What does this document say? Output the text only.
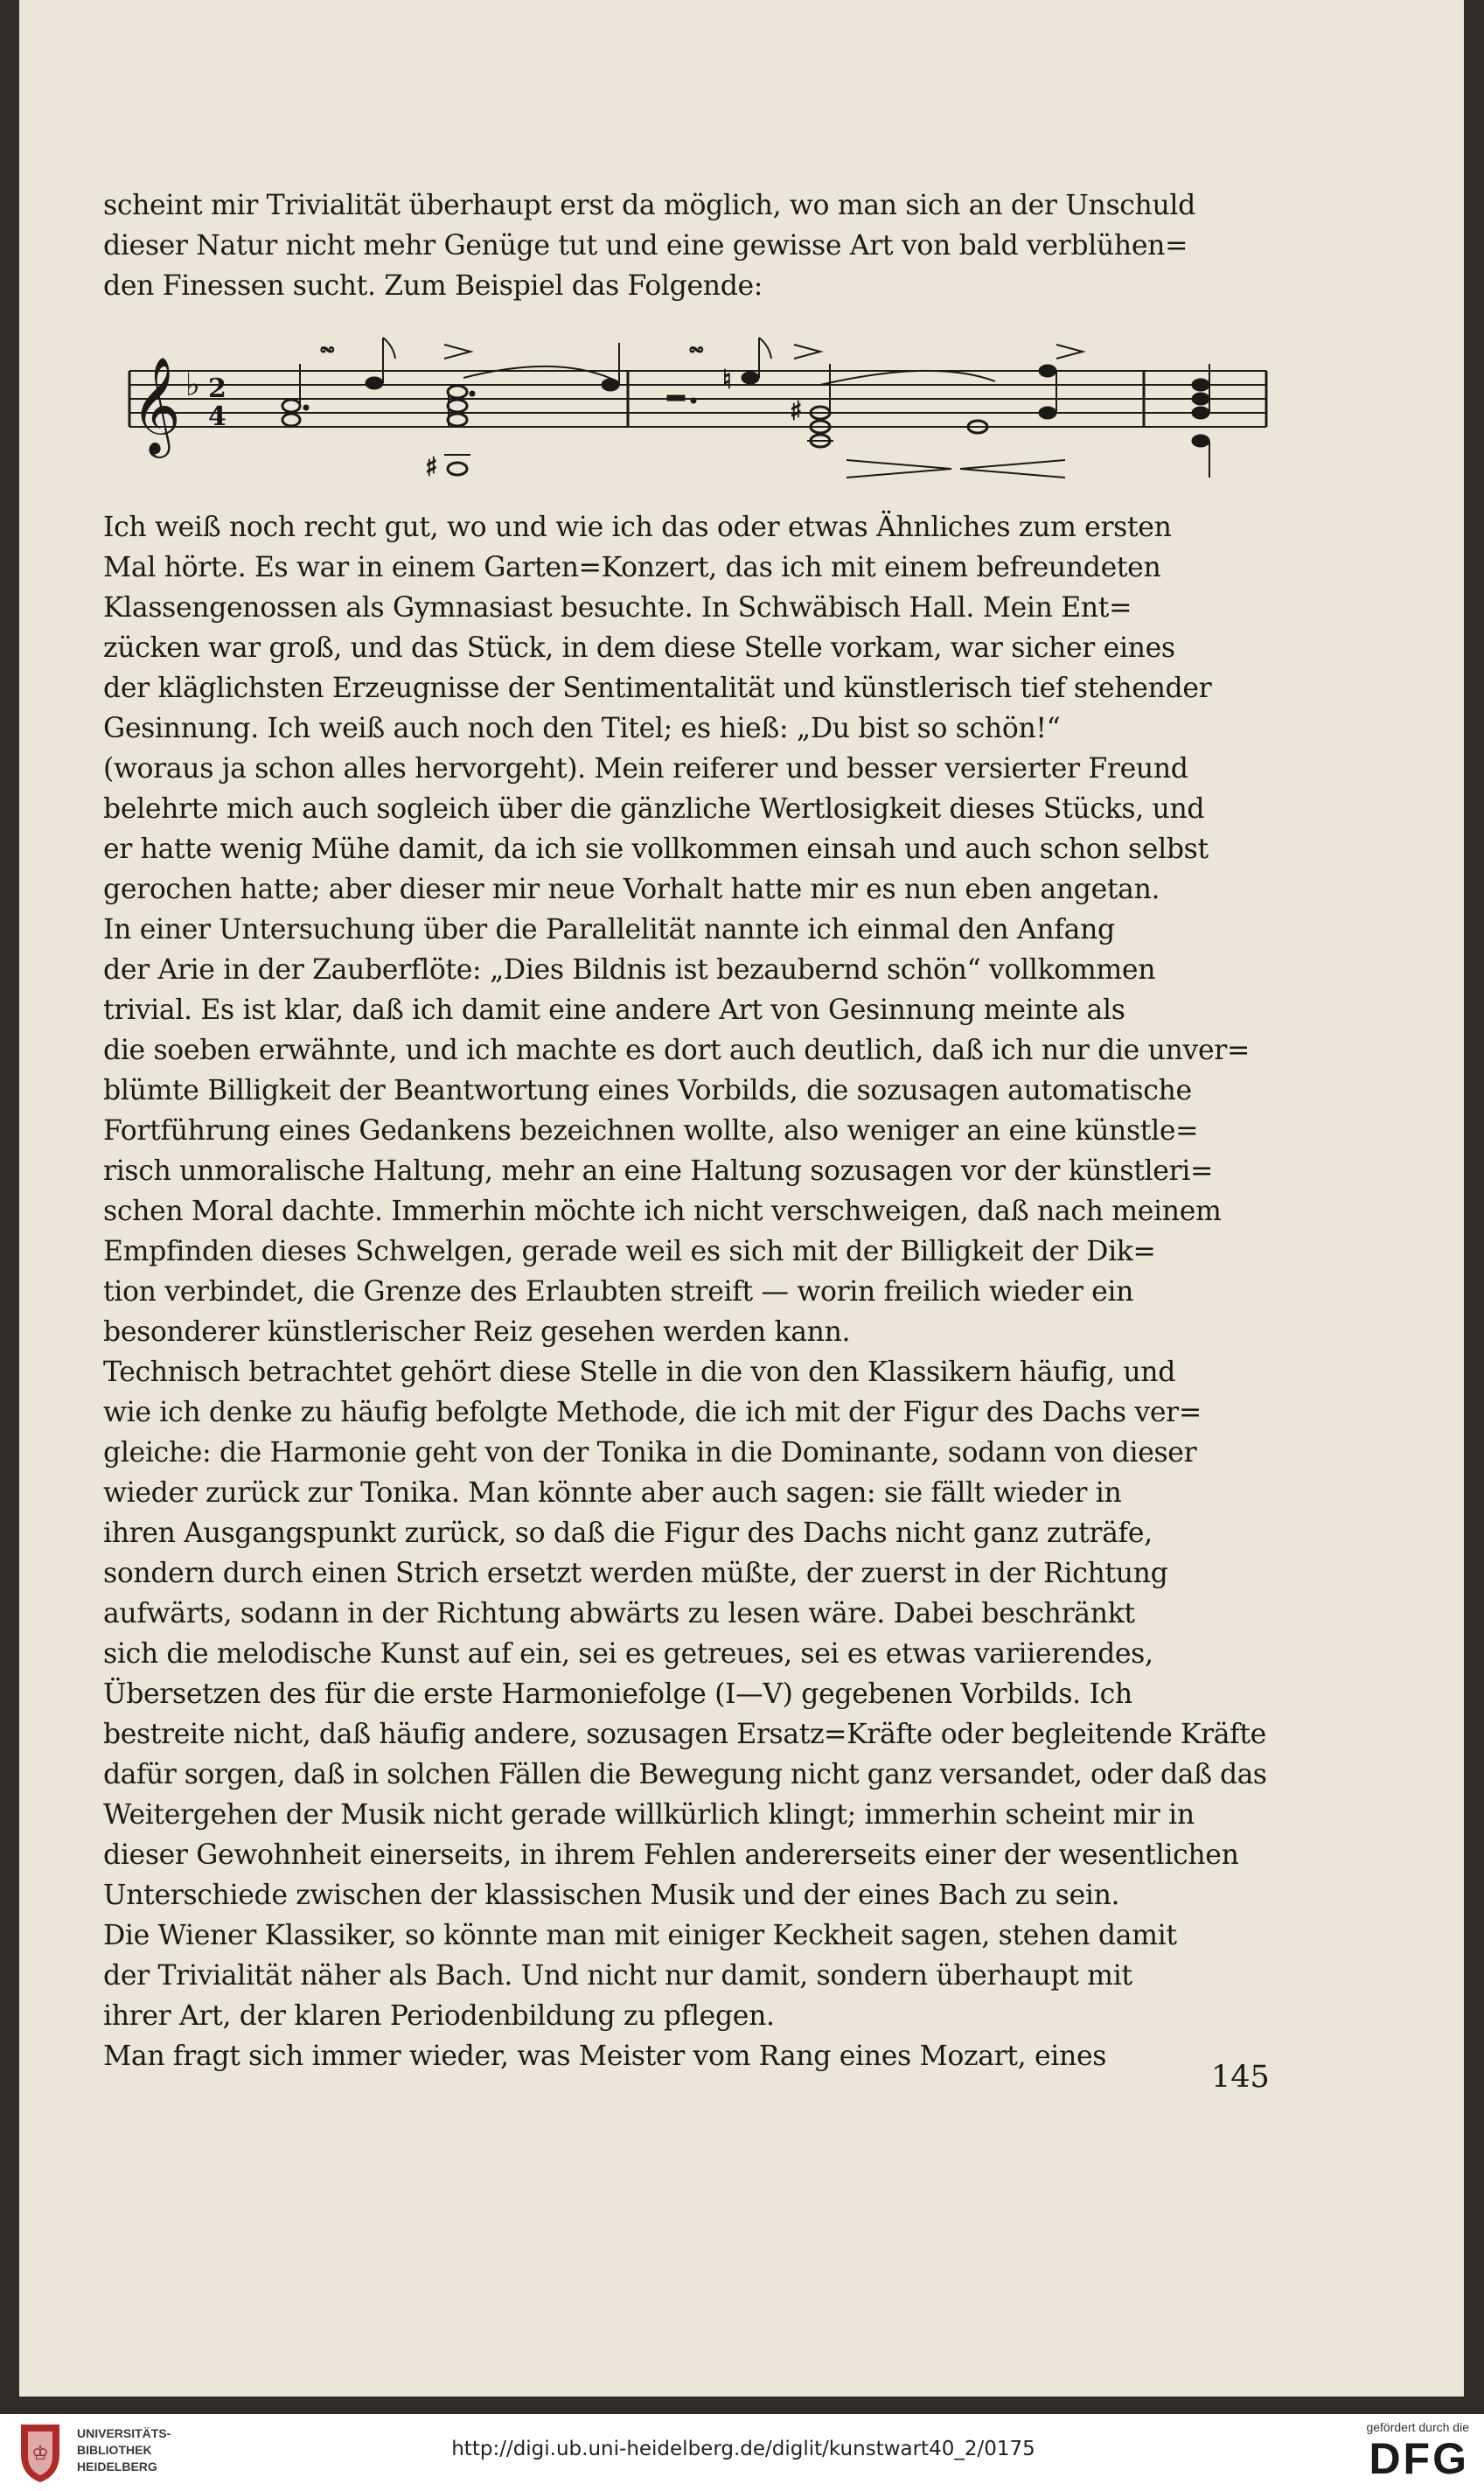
scheint mir Trivialität überhaupt erst da möglich, wo man sich an der Unschuld

dieser Natur nicht mehr Genüge tut und eine gewisse Art von bald verblühen=

den Finessen sucht. Zum Beispiel das Folgende:

Ich weiß noch recht gut, wo und wie ich das oder etwas Ähnliches zum ersten

Mal hörte. Es war in einem Garten=Konzert, das ich mit einem befreundeten

Klassengenossen als Gymnasiast besuchte. In Schwäbisch Hall. Mein Ent=

zücken war groß, und das Stück, in dem diese Stelle vorkam, war sicher eines

der kläglichsten Erzeugnisse der Sentimentalität und künstlerisch tief stehender

Gesinnung. Ich weiß auch noch den Titel; es hieß: „Du bist so schön!“

(woraus ja schon alles hervorgeht). Mein reiferer und besser versierter Freund

belehrte mich auch sogleich über die gänzliche Wertlosigkeit dieses Stücks, und

er hatte wenig Mühe damit, da ich sie vollkommen einsah und auch schon selbst

gerochen hatte; aber dieser mir neue Vorhalt hatte mir es nun eben angetan.

In einer Untersuchung über die Parallelität nannte ich einmal den Anfang

der Arie in der Zauberflöte: „Dies Bildnis ist bezaubernd schön“ vollkommen

trivial. Es ist klar, daß ich damit eine andere Art von Gesinnung meinte als

die soeben erwähnte, und ich machte es dort auch deutlich, daß ich nur die unver=

blümte Billigkeit der Beantwortung eines Vorbilds, die sozusagen automatische

Fortführung eines Gedankens bezeichnen wollte, also weniger an eine künstle=

risch unmoralische Haltung, mehr an eine Haltung sozusagen vor der künstleri=

schen Moral dachte. Immerhin möchte ich nicht verschweigen, daß nach meinem

Empfinden dieses Schwelgen, gerade weil es sich mit der Billigkeit der Dik=

tion verbindet, die Grenze des Erlaubten streift — worin freilich wieder ein

besonderer künstlerischer Reiz gesehen werden kann.

Technisch betrachtet gehört diese Stelle in die von den Klassikern häufig, und

wie ich denke zu häufig befolgte Methode, die ich mit der Figur des Dachs ver=

gleiche: die Harmonie geht von der Tonika in die Dominante, sodann von dieser

wieder zurück zur Tonika. Man könnte aber auch sagen: sie fällt wieder in

ihren Ausgangspunkt zurück, so daß die Figur des Dachs nicht ganz zuträfe,

sondern durch einen Strich ersetzt werden müßte, der zuerst in der Richtung

aufwärts, sodann in der Richtung abwärts zu lesen wäre. Dabei beschränkt

sich die melodische Kunst auf ein, sei es getreues, sei es etwas variierendes,

Übersetzen des für die erste Harmoniefolge (I—V) gegebenen Vorbilds. Ich

bestreite nicht, daß häufig andere, sozusagen Ersatz=Kräfte oder begleitende Kräfte

dafür sorgen, daß in solchen Fällen die Bewegung nicht ganz versandet, oder daß das

Weitergehen der Musik nicht gerade willkürlich klingt; immerhin scheint mir in

dieser Gewohnheit einerseits, in ihrem Fehlen andererseits einer der wesentlichen

Unterschiede zwischen der klassischen Musik und der eines Bach zu sein.

Die Wiener Klassiker, so könnte man mit einiger Keckheit sagen, stehen damit

der Trivialität näher als Bach. Und nicht nur damit, sondern überhaupt mit

ihrer Art, der klaren Periodenbildung zu pflegen.

Man fragt sich immer wieder, was Meister vom Rang eines Mozart, eines

𝄞 ♭ 2
4
𝆗
♯
𝆗
♮
♯
145
♔
UNIVERSITÄTS-
BIBLIOTHEK
HEIDELBERG
http://digi.ub.uni-heidelberg.de/diglit/kunstwart40_2/0175
gefördert durch die
DFG
